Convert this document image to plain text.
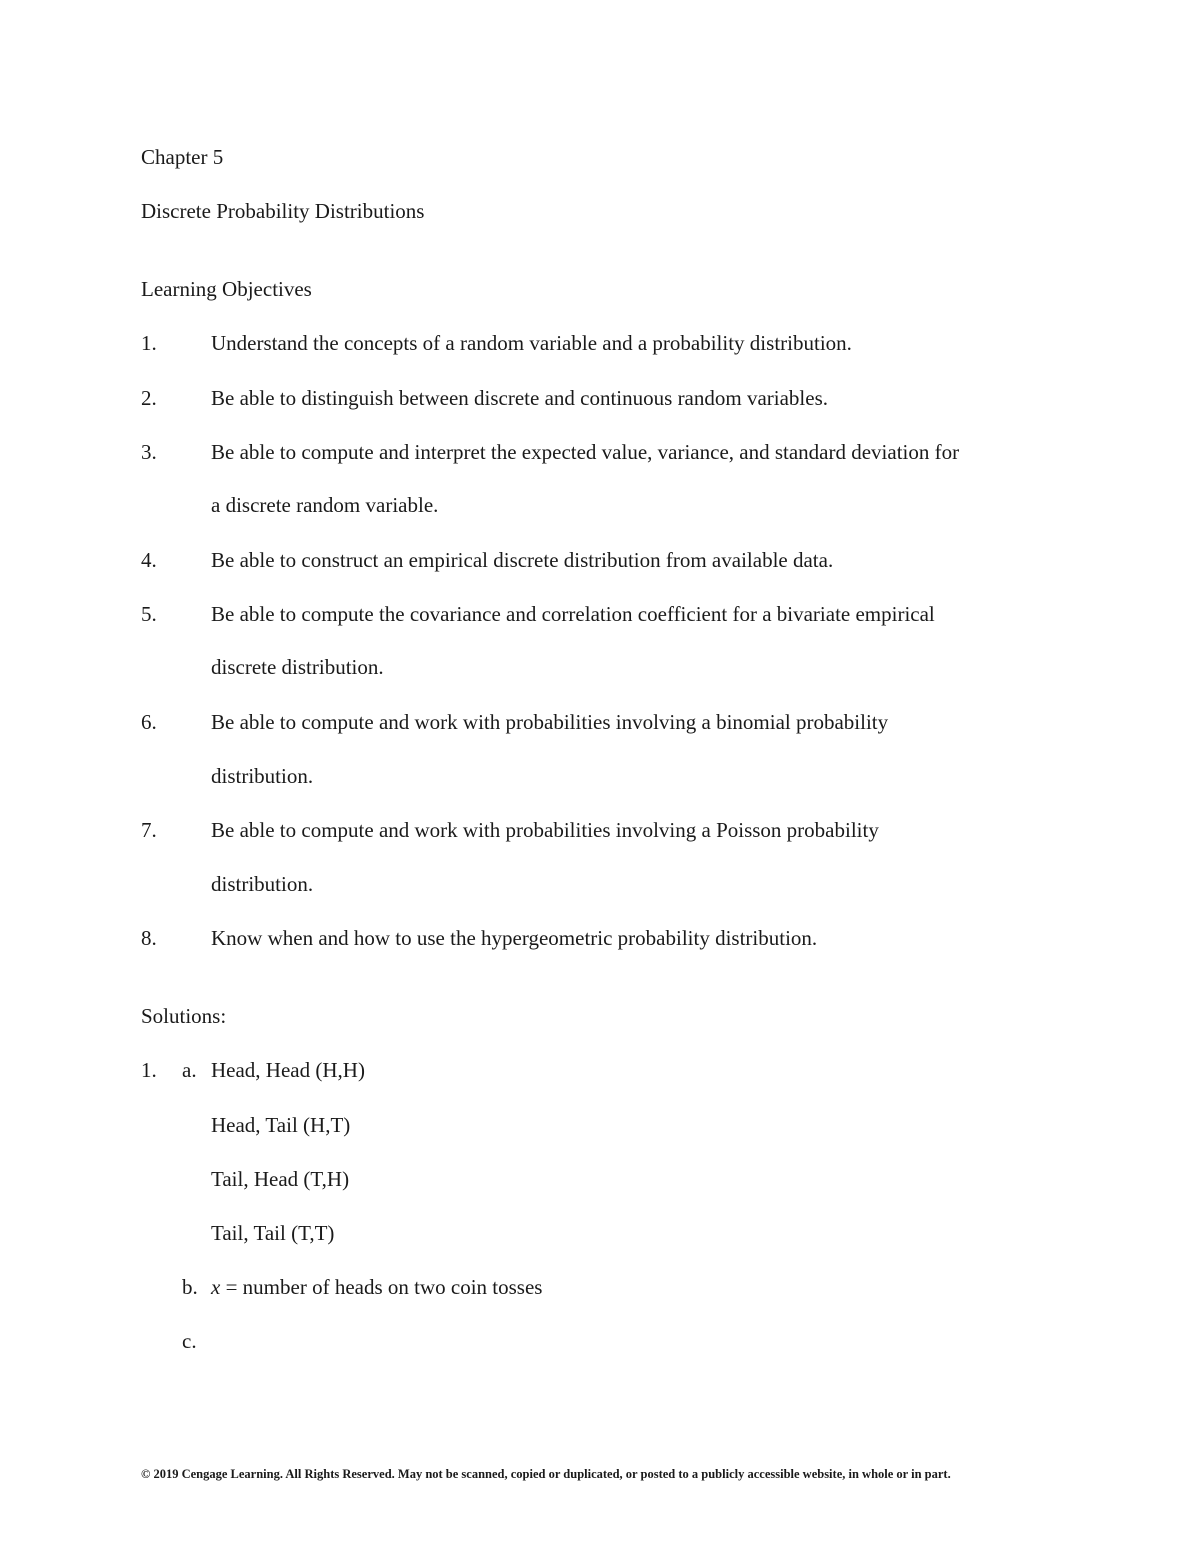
Chapter 5
Discrete Probability Distributions
Learning Objectives
1.	Understand the concepts of a random variable and a probability distribution.
2.	Be able to distinguish between discrete and continuous random variables.
3.	Be able to compute and interpret the expected value, variance, and standard deviation for
a discrete random variable.
4.	Be able to construct an empirical discrete distribution from available data.
5.	Be able to compute the covariance and correlation coefficient for a bivariate empirical
discrete distribution.
6.	Be able to compute and work with probabilities involving a binomial probability
distribution.
7.	Be able to compute and work with probabilities involving a Poisson probability
distribution.
8.	Know when and how to use the hypergeometric probability distribution.
Solutions:
1. a. Head, Head (H,H)
Head, Tail (H,T)
Tail, Head (T,H)
Tail, Tail (T,T)
b. x = number of heads on two coin tosses
c.
© 2019 Cengage Learning. All Rights Reserved. May not be scanned, copied or duplicated, or posted to a publicly accessible website, in whole or in part.
